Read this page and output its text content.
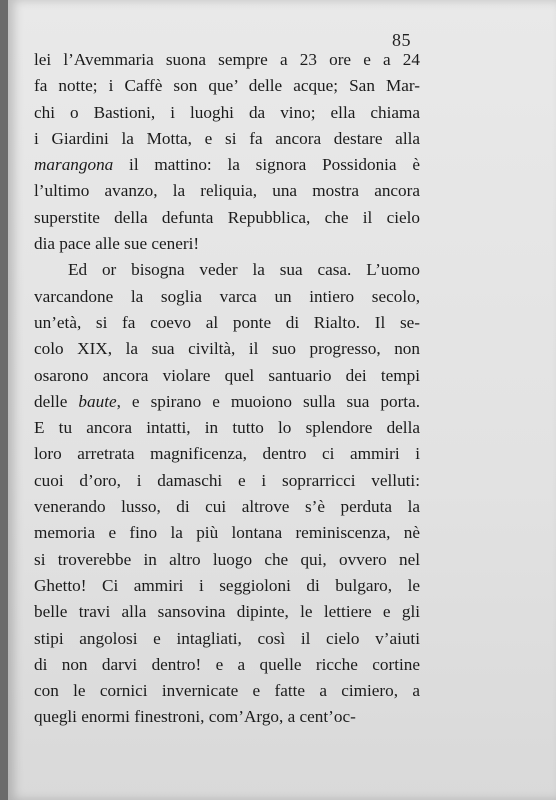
85
lei l’Avemmaria suona sempre a 23 ore e a 24
fa notte; i Caffè son que’ delle acque; San Mar-
chi o Bastioni, i luoghi da vino; ella chiama
i Giardini la Motta, e si fa ancora destare alla
marangona il mattino: la signora Possidonia è
l’ultimo avanzo, la reliquia, una mostra ancora
superstite della defunta Repubblica, che il cielo
dia pace alle sue ceneri!
Ed or bisogna veder la sua casa. L’uomo
varcandone la soglia varca un intiero secolo,
un’età, si fa coevo al ponte di Rialto. Il se-
colo XIX, la sua civiltà, il suo progresso, non
osarono ancora violare quel santuario dei tempi
delle baute, e spirano e muoiono sulla sua porta.
E tu ancora intatti, in tutto lo splendore della
loro arretrata magnificenza, dentro ci ammiri i
cuoi d’oro, i damaschi e i soprarricci velluti:
venerando lusso, di cui altrove s’è perduta la
memoria e fino la più lontana reminiscenza, nè
si troverebbe in altro luogo che qui, ovvero nel
Ghetto! Ci ammiri i seggioloni di bulgaro, le
belle travi alla sansovina dipinte, le lettiere e gli
stipi angolosi e intagliati, così il cielo v’aiuti
di non darvi dentro! e a quelle ricche cortine
con le cornici invernicate e fatte a cimiero, a
quegli enormi finestroni, com’Argo, a cent’oc-
